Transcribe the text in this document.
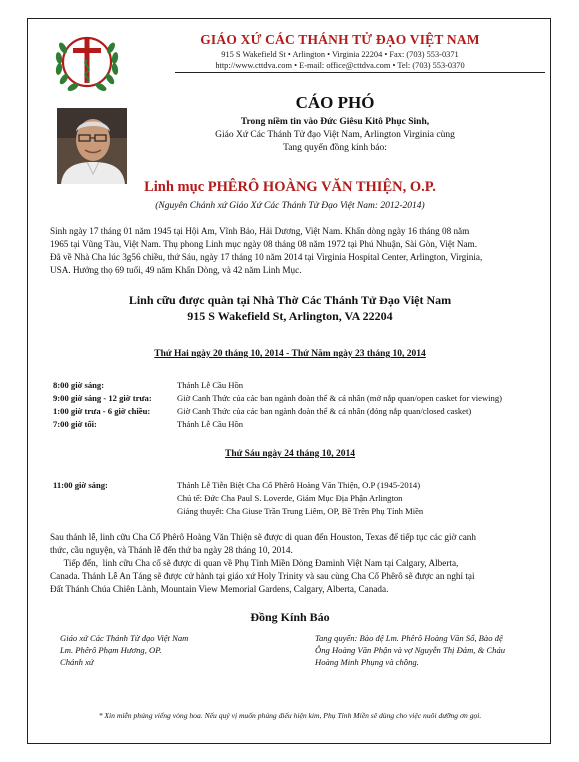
GIÁO XỨ CÁC THÁNH TỬ ĐẠO VIỆT NAM
915 S Wakefield St • Arlington • Virginia 22204 • Fax: (703) 553-0371
http://www.cttdva.com • E-mail: office@cttdva.com • Tel: (703) 553-0370
CÁO PHÓ
Trong niềm tin vào Đức Giêsu Kitô Phục Sinh,
Giáo Xứ Các Thánh Tử đạo Việt Nam, Arlington Virginia cùng
Tang quyến đồng kính báo:
Linh mục PHÊRÔ HOÀNG VĂN THIỆN, O.P.
(Nguyên Chánh xứ Giáo Xứ Các Thánh Tử Đạo Việt Nam: 2012-2014)
Sinh ngày 17 tháng 01 năm 1945 tại Hội Am, Vĩnh Bảo, Hải Dương, Việt Nam. Khấn dòng ngày 16 tháng 08 năm
1965 tại Vũng Tàu, Việt Nam. Thụ phong Linh mục ngày 08 tháng 08 năm 1972 tại Phú Nhuận, Sài Gòn, Việt Nam.
Đã về Nhà Cha lúc 3g56 chiều, thứ Sáu, ngày 17 tháng 10 năm 2014 tại Virginia Hospital Center, Arlington, Virginia,
USA. Hưởng thọ 69 tuổi, 49 năm Khấn Dòng, và 42 năm Linh Mục.
Linh cữu được quàn tại Nhà Thờ Các Thánh Tử Đạo Việt Nam
915 S Wakefield St, Arlington, VA 22204
Thứ Hai ngày 20 tháng 10, 2014 - Thứ Năm ngày 23 tháng 10, 2014
8:00 giờ sáng:	Thánh Lễ Cầu Hồn
9:00 giờ sáng - 12 giờ trưa:	Giờ Canh Thức của các ban ngành đoàn thể & cá nhân (mở nắp quan/open casket for viewing)
1:00 giờ trưa - 6 giờ chiều:	Giờ Canh Thức của các ban ngành đoàn thể & cá nhân (đóng nắp quan/closed casket)
7:00 giờ tối:	Thánh Lễ Cầu Hồn
Thứ Sáu ngày 24 tháng 10, 2014
11:00 giờ sáng:	Thánh Lễ Tiễn Biệt Cha Cố Phêrô Hoàng Văn Thiện, O.P (1945-2014)
Chủ tế: Đức Cha Paul S. Loverde, Giám Mục Địa Phận Arlington
Giảng thuyết: Cha Giuse Trần Trung Liêm, OP, Bề Trên Phụ Tỉnh Miền
Sau thánh lễ, linh cữu Cha Cố Phêrô Hoàng Văn Thiện sẽ được di quan đến Houston, Texas để tiếp tục các giờ canh
thức, cầu nguyện, và Thánh lễ đến thứ ba ngày 28 tháng 10, 2014.
Tiếp đến,  linh cữu Cha cố sẽ được di quan về Phụ Tỉnh Miền Dòng Đaminh Việt Nam tại Calgary, Alberta,
Canada. Thánh Lễ An Táng sẽ được cử hành tại giáo xứ Holy Trinity và sau cùng Cha Cố Phêrô sẽ được an nghỉ tại
Đất Thánh Chúa Chiên Lành, Mountain View Memorial Gardens, Calgary, Alberta, Canada.
Đồng Kính Báo
Giáo xứ Các Thánh Tử đạo Việt Nam
Lm. Phêrô Phạm Hương, OP.
Chánh xứ
Tang quyến: Bào đệ Lm. Phêrô Hoàng Văn Sổ, Bào đệ
Ông Hoàng Văn Phận và vợ Nguyễn Thị Đảm, & Cháu
Hoàng Minh Phụng và chồng.
* Xin miễn phúng viếng vòng hoa. Nếu quý vị muốn phúng điếu hiện kim, Phụ Tỉnh Miền sẽ dùng cho việc nuôi dưỡng ơn gọi.
